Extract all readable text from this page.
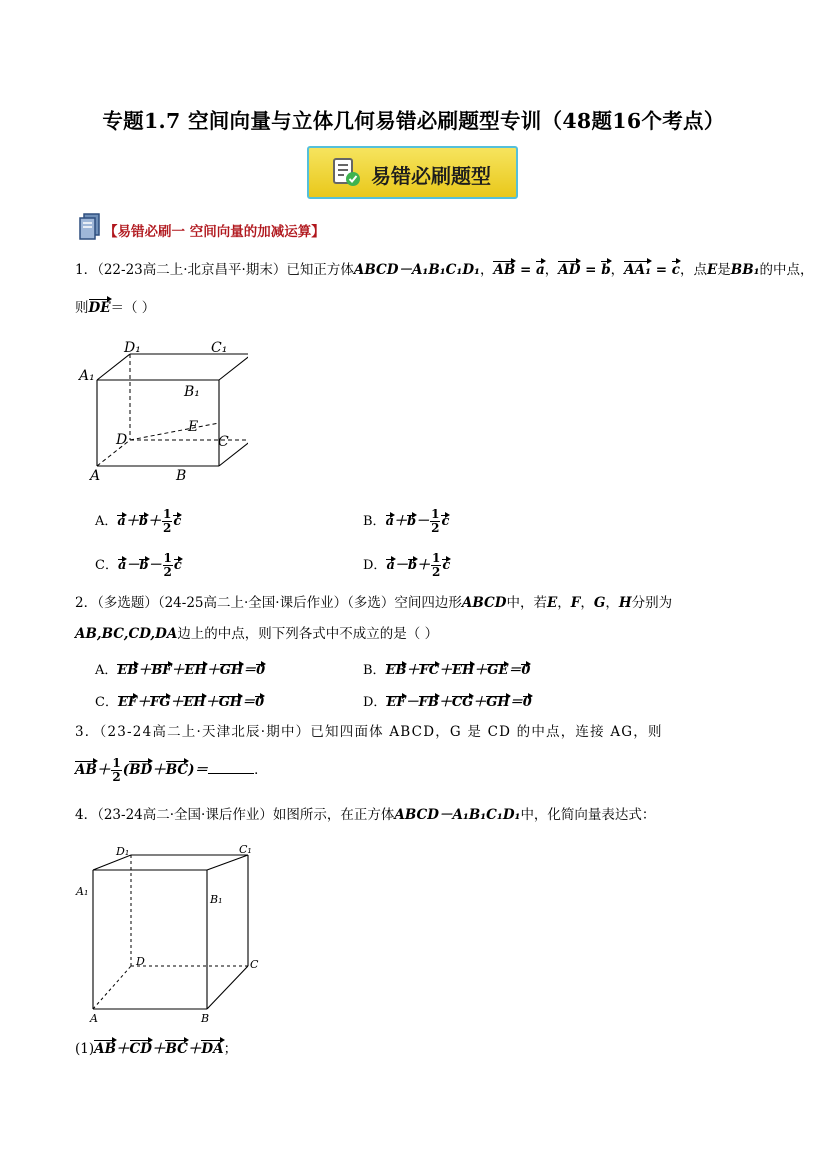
专题1.7 空间向量与立体几何易错必刷题型专训（48题16个考点）
易错必刷题型
【易错必刷一 空间向量的加减运算】
1．（22-23高二上·北京昌平·期末）已知正方体ABCD－A₁B₁C₁D₁，AB = a，AD = b，AA₁ = c，点E是BB₁的中点，
则DE＝（ ）
D₁	C₁
A₁
B₁
E
D	C
A	B
A．$a+b+ \frac{1}{2}$ c	B．$a+b- \frac{1}{2}$ c
C．$a-b- \frac{1}{2}$ c	D．$a-b+ \frac{1}{2}$ c
2．（多选题）（24-25高二上·全国·课后作业）（多选）空间四边形ABCD中，若E，F，G，H分别为
AB,BC,CD,DA边上的中点，则下列各式中不成立的是（ ）
A．EB＋BF＋EH＋GH＝0	B．EB＋FC＋EH＋GE＝0
C．EF＋FG＋EH＋GH＝0	D．EF－FB＋CG＋GH＝0
3．（23-24高二上·天津北辰·期中）已知四面体 ABCD，G 是 CD 的中点，连接 AG，则
$AB+ \frac{1}{2} (BD+BC)=$	．
4．（23-24高二·全国·课后作业）如图所示，在正方体ABCD－A₁B₁C₁D₁中，化简向量表达式：
D₁	C₁
A₁
B₁
D	C
A	B
(1)AB＋CD＋BC＋DA；
